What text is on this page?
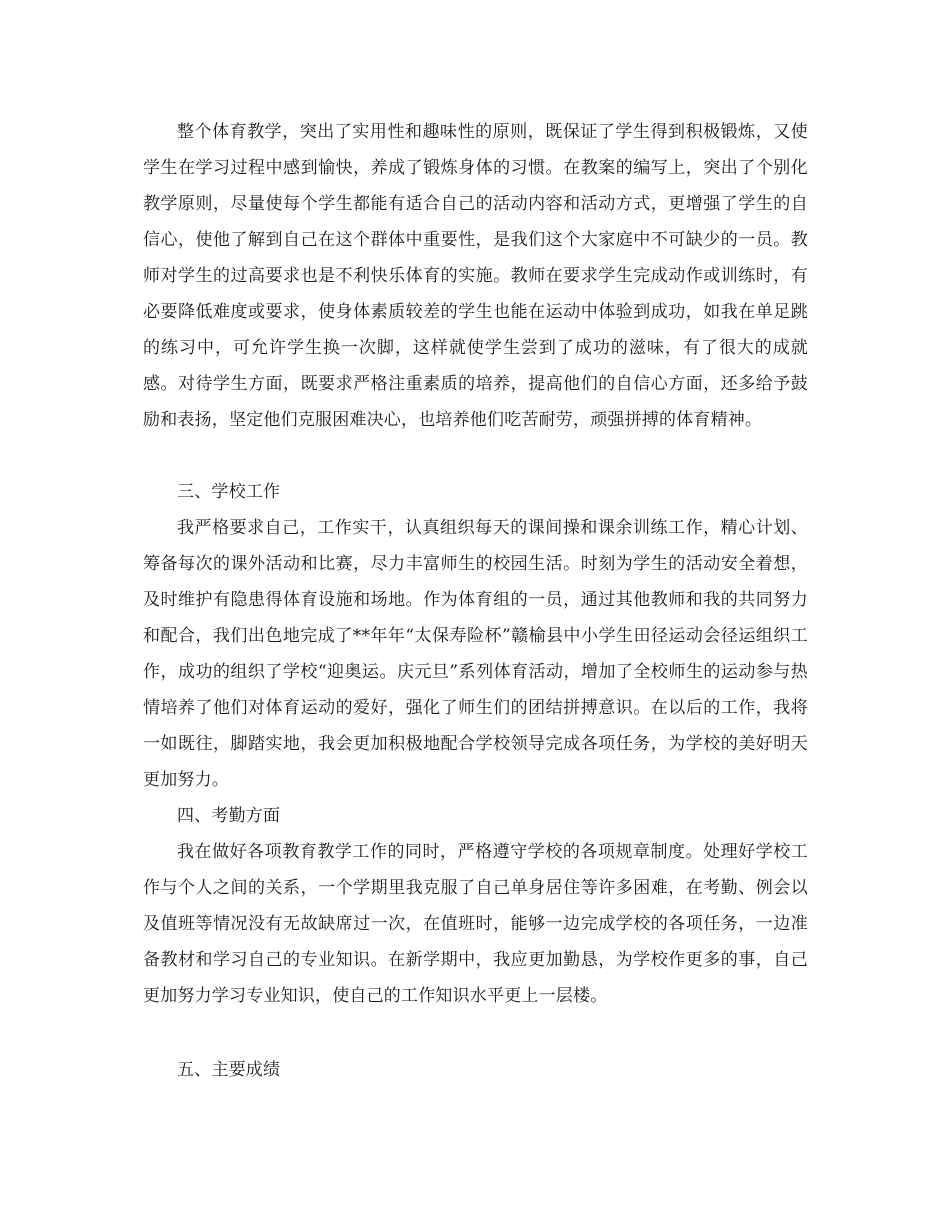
整个体育教学，突出了实用性和趣味性的原则，既保证了学生得到积极锻炼，又使学生在学习过程中感到愉快，养成了锻炼身体的习惯。在教案的编写上，突出了个别化教学原则，尽量使每个学生都能有适合自己的活动内容和活动方式，更增强了学生的自信心，使他了解到自己在这个群体中重要性，是我们这个大家庭中不可缺少的一员。教师对学生的过高要求也是不利快乐体育的实施。教师在要求学生完成动作或训练时，有必要降低难度或要求，使身体素质较差的学生也能在运动中体验到成功，如我在单足跳的练习中，可允许学生换一次脚，这样就使学生尝到了成功的滋味，有了很大的成就感。对待学生方面，既要求严格注重素质的培养，提高他们的自信心方面，还多给予鼓励和表扬，坚定他们克服困难决心，也培养他们吃苦耐劳，顽强拼搏的体育精神。

三、学校工作

我严格要求自己，工作实干，认真组织每天的课间操和课余训练工作，精心计划、筹备每次的课外活动和比赛，尽力丰富师生的校园生活。时刻为学生的活动安全着想，及时维护有隐患得体育设施和场地。作为体育组的一员，通过其他教师和我的共同努力和配合，我们出色地完成了**年年“太保寿险杯”赣榆县中小学生田径运动会径运组织工作，成功的组织了学校“迎奥运。庆元旦”系列体育活动，增加了全校师生的运动参与热情培养了他们对体育运动的爱好，强化了师生们的团结拼搏意识。在以后的工作，我将一如既往，脚踏实地，我会更加积极地配合学校领导完成各项任务，为学校的美好明天更加努力。

四、考勤方面

我在做好各项教育教学工作的同时，严格遵守学校的各项规章制度。处理好学校工作与个人之间的关系，一个学期里我克服了自己单身居住等许多困难，在考勤、例会以及值班等情况没有无故缺席过一次，在值班时，能够一边完成学校的各项任务，一边准备教材和学习自己的专业知识。在新学期中，我应更加勤恳，为学校作更多的事，自己更加努力学习专业知识，使自己的工作知识水平更上一层楼。

五、主要成绩
